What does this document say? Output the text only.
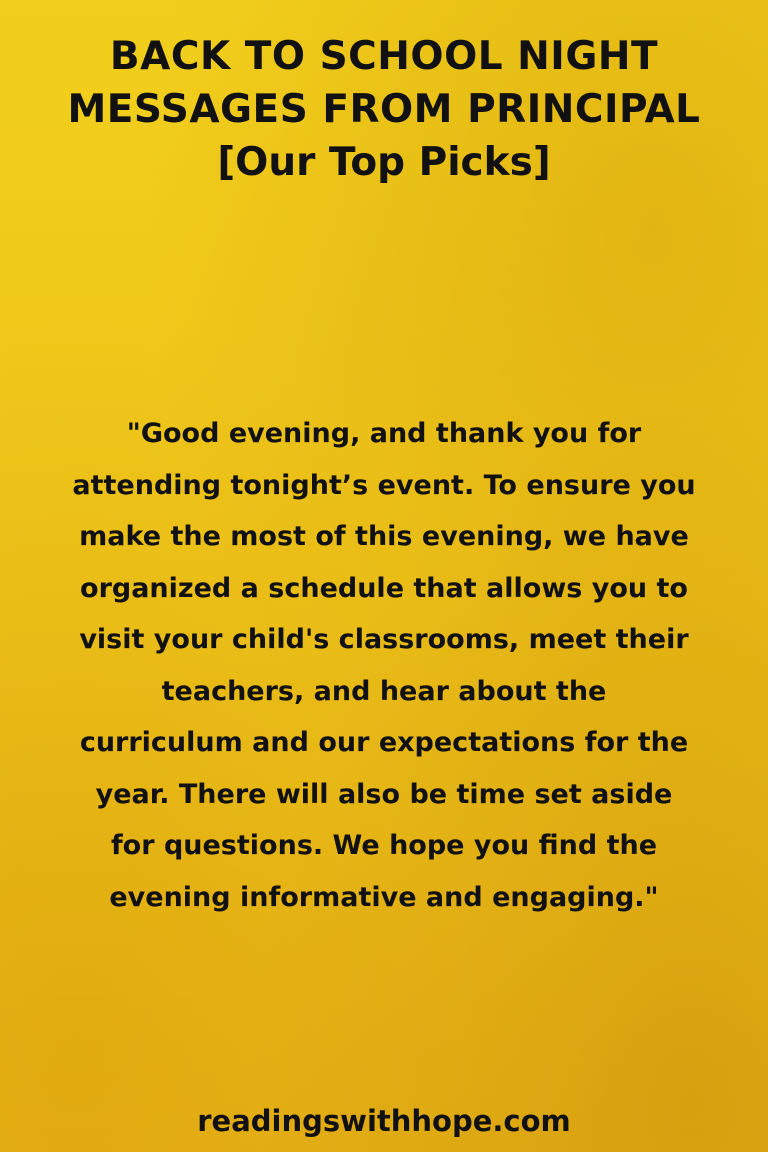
BACK TO SCHOOL NIGHT
MESSAGES FROM PRINCIPAL
[Our Top Picks]
"Good evening, and thank you for
attending tonight’s event. To ensure you
make the most of this evening, we have
organized a schedule that allows you to
visit your child's classrooms, meet their
teachers, and hear about the
curriculum and our expectations for the
year. There will also be time set aside
for questions. We hope you find the
evening informative and engaging."
readingswithhope.com
